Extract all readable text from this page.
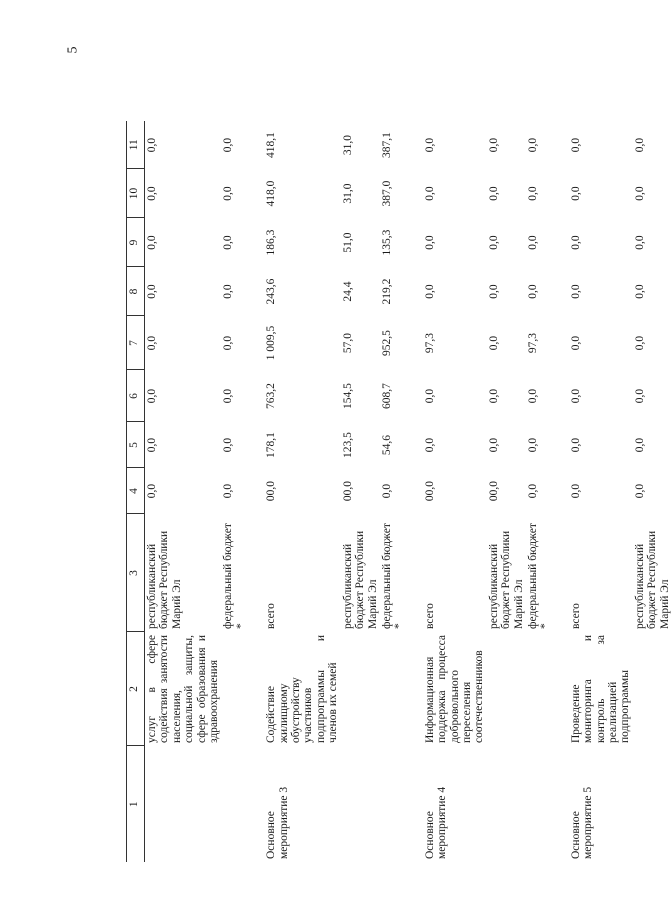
5
1	2	3	4	5	6	7	8	9	10	11
	услуг в сфере содействия занятости населения, социальной защиты, сфере образования и здравоохранения	республиканский бюджет Республики Марий Эл	0,0	0,0	0,0	0,0	0,0	0,0	0,0	0,0
		федеральный бюджет *	0,0	0,0	0,0	0,0	0,0	0,0	0,0	0,0

Основное мероприятие 3	Содействие жилищному обустройству участников подпрограммы и членов их семей	всего	00,0	178,1	763,2	1 009,5	243,6	186,3	418,0	418,1
		республиканский бюджет Республики Марий Эл	00,0	123,5	154,5	57,0	24,4	51,0	31,0	31,0
		федеральный бюджет *	0,0	54,6	608,7	952,5	219,2	135,3	387,0	387,1

Основное мероприятие 4	Информационная поддержка процесса добровольного переселения соотечественников	всего	00,0	0,0	0,0	97,3	0,0	0,0	0,0	0,0
		республиканский бюджет Республики Марий Эл	00,0	0,0	0,0	0,0	0,0	0,0	0,0	0,0
		федеральный бюджет *	0,0	0,0	0,0	97,3	0,0	0,0	0,0	0,0

Основное мероприятие 5	Проведение мониторинга и контроль за реализацией подпрограммы	всего	0,0	0,0	0,0	0,0	0,0	0,0	0,0	0,0
		республиканский бюджет Республики Марий Эл	0,0	0,0	0,0	0,0	0,0	0,0	0,0	0,0
